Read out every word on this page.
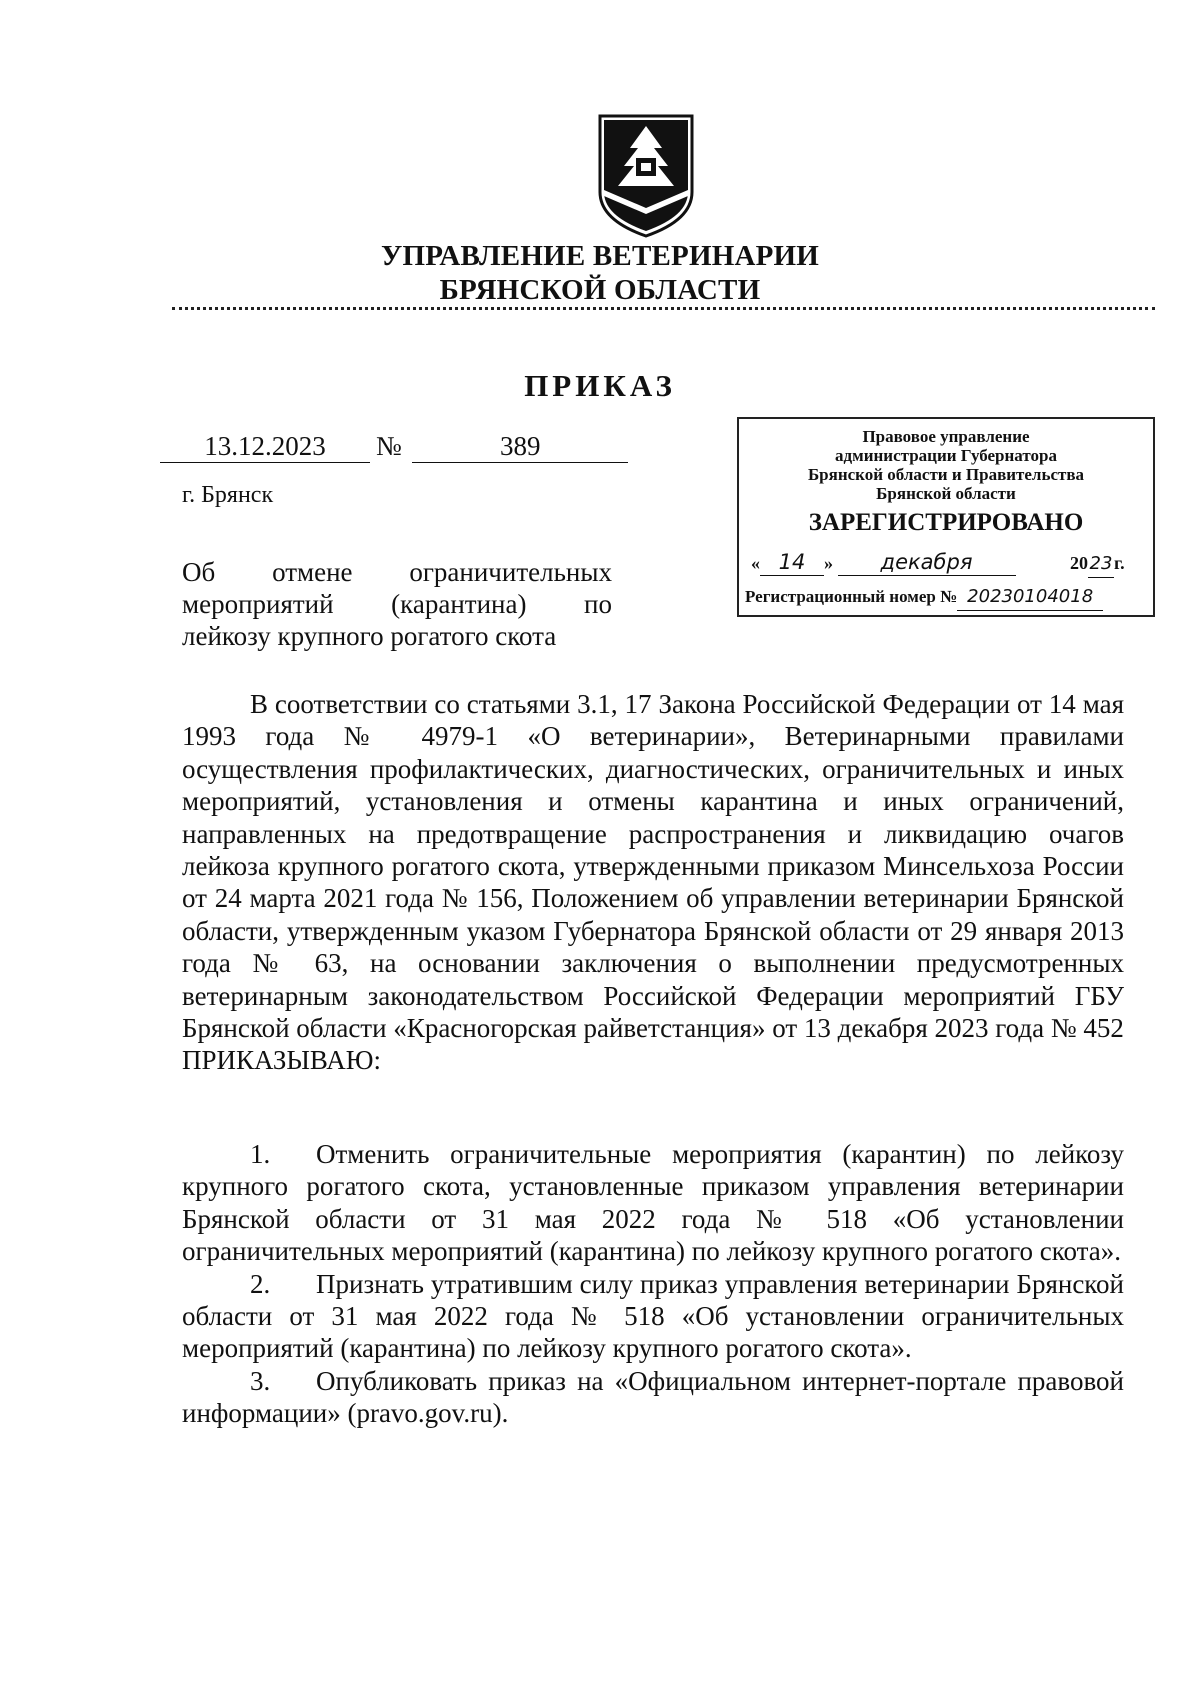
УПРАВЛЕНИЕ ВЕТЕРИНАРИИ
БРЯНСКОЙ ОБЛАСТИ
ПРИКАЗ
13.12.2023	№	389
г. Брянск
Об отмене ограничительных
мероприятий (карантина) по
лейкозу крупного рогатого скота
Правовое управление
администрации Губернатора
Брянской области и Правительства
Брянской области
ЗАРЕГИСТРИРОВАНО
« 14 » декабря	2023г.
Регистрационный номер № 20230104018

В соответствии со статьями 3.1, 17 Закона Российской Федерации от 14 мая 1993 года № 4979-1 «О ветеринарии», Ветеринарными правилами осуществления профилактических, диагностических, ограничительных и иных мероприятий, установления и отмены карантина и иных ограничений, направленных на предотвращение распространения и ликвидацию очагов лейкоза крупного рогатого скота, утвержденными приказом Минсельхоза России от 24 марта 2021 года № 156, Положением об управлении ветеринарии Брянской области, утвержденным указом Губернатора Брянской области от 29 января 2013 года № 63, на основании заключения о выполнении предусмотренных ветеринарным законодательством Российской Федерации мероприятий ГБУ Брянской области «Красногорская райветстанция» от 13 декабря 2023 года № 452

ПРИКАЗЫВАЮ:

1. Отменить ограничительные мероприятия (карантин) по лейкозу крупного рогатого скота, установленные приказом управления ветеринарии Брянской области от 31 мая 2022 года № 518 «Об установлении ограничительных мероприятий (карантина) по лейкозу крупного рогатого скота».

2. Признать утратившим силу приказ управления ветеринарии Брянской области от 31 мая 2022 года № 518 «Об установлении ограничительных мероприятий (карантина) по лейкозу крупного рогатого скота».

3. Опубликовать приказ на «Официальном интернет-портале правовой информации» (pravo.gov.ru).
